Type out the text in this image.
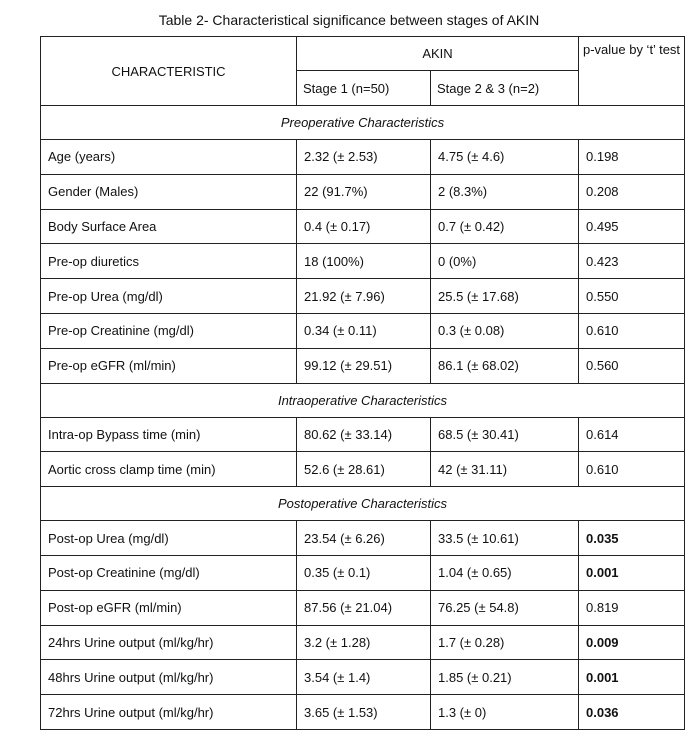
Table 2- Characteristical significance between stages of AKIN
CHARACTERISTIC	AKIN		p-value by ‘t’ test
	Stage 1 (n=50)	Stage 2 & 3 (n=2)	
Preoperative Characteristics			
Age (years)	2.32 (± 2.53)	4.75 (± 4.6)	0.198
Gender (Males)	22 (91.7%)	2 (8.3%)	0.208
Body Surface Area	0.4 (± 0.17)	0.7 (± 0.42)	0.495
Pre-op diuretics	18 (100%)	0 (0%)	0.423
Pre-op Urea (mg/dl)	21.92 (± 7.96)	25.5 (± 17.68)	0.550
Pre-op Creatinine (mg/dl)	0.34 (± 0.11)	0.3 (± 0.08)	0.610
Pre-op eGFR (ml/min)	99.12 (± 29.51)	86.1 (± 68.02)	0.560
Intraoperative Characteristics			
Intra-op Bypass time (min)	80.62 (± 33.14)	68.5 (± 30.41)	0.614
Aortic cross clamp time (min)	52.6 (± 28.61)	42 (± 31.11)	0.610
Postoperative Characteristics			
Post-op Urea (mg/dl)	23.54 (± 6.26)	33.5 (± 10.61)	0.035
Post-op Creatinine (mg/dl)	0.35 (± 0.1)	1.04 (± 0.65)	0.001
Post-op eGFR (ml/min)	87.56 (± 21.04)	76.25 (± 54.8)	0.819
24hrs Urine output (ml/kg/hr)	3.2 (± 1.28)	1.7 (± 0.28)	0.009
48hrs Urine output (ml/kg/hr)	3.54 (± 1.4)	1.85 (± 0.21)	0.001
72hrs Urine output (ml/kg/hr)	3.65 (± 1.53)	1.3 (± 0)	0.036
